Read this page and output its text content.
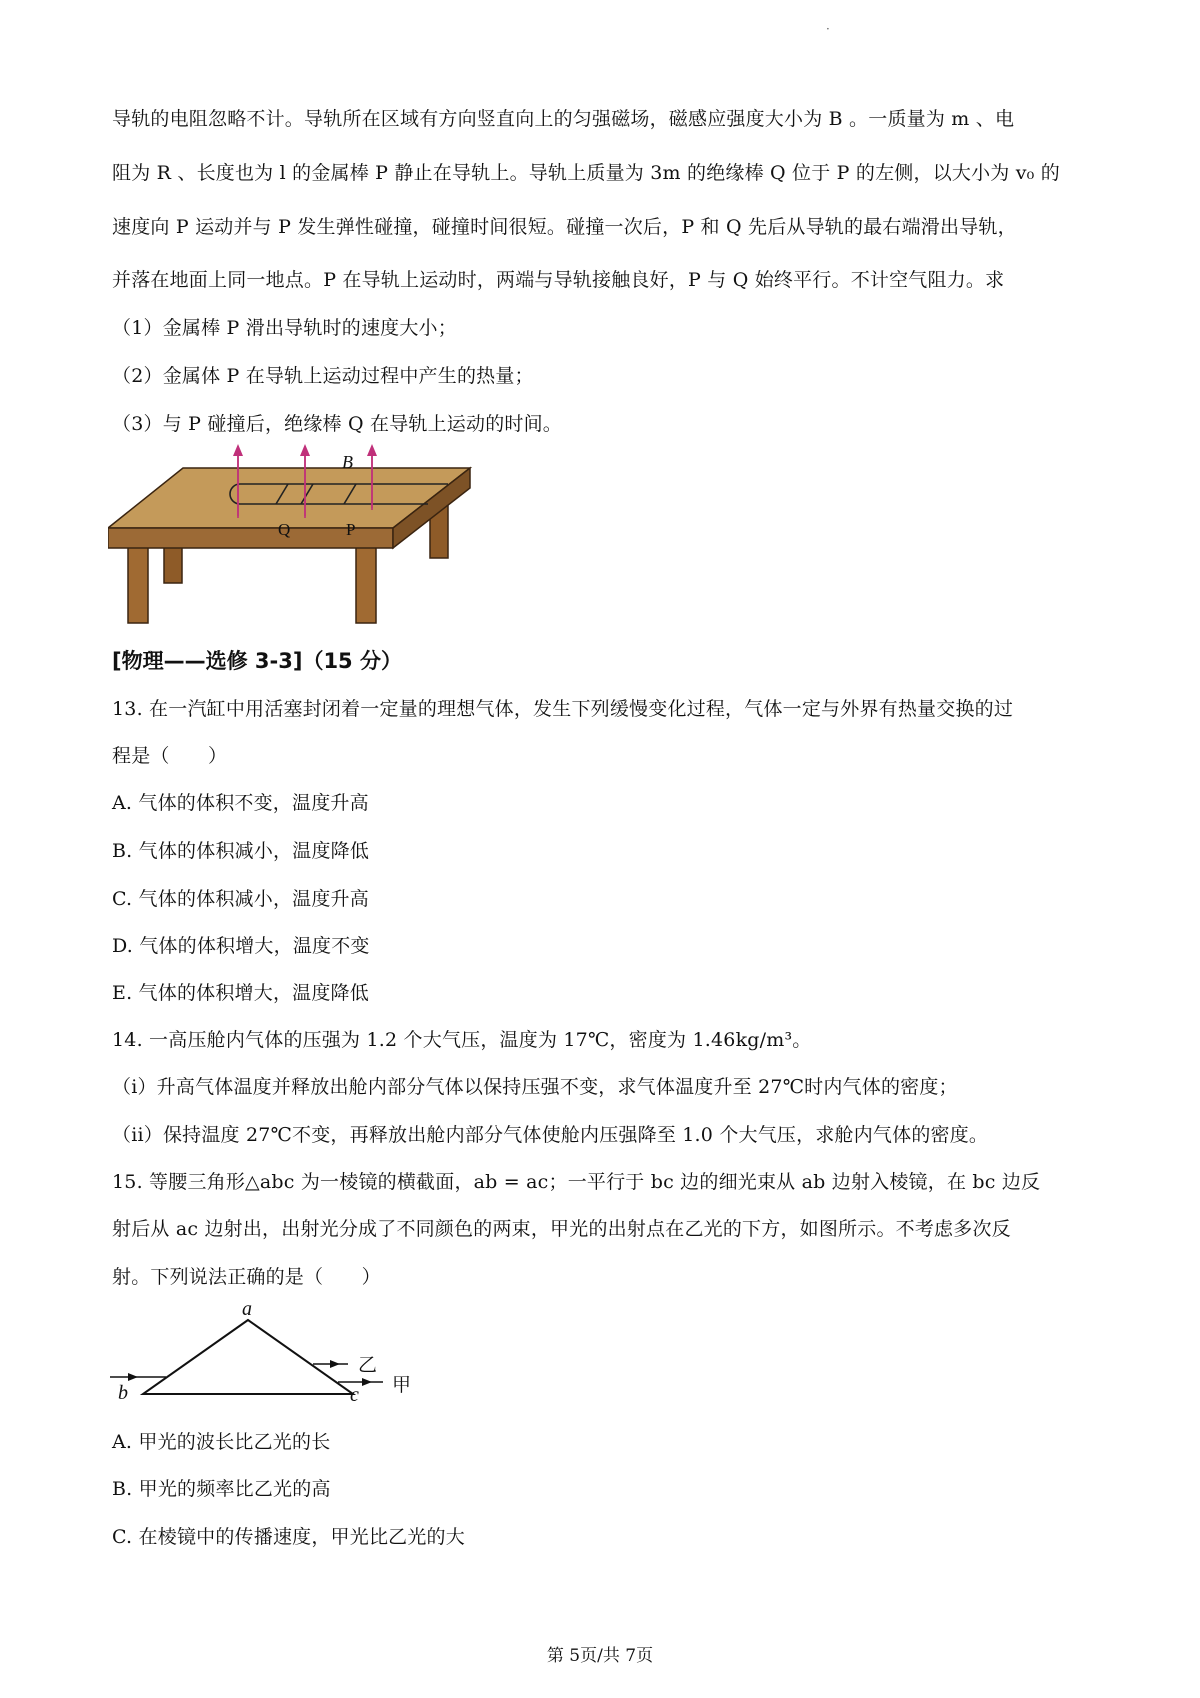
·
导轨的电阻忽略不计。导轨所在区域有方向竖直向上的匀强磁场，磁感应强度大小为 B 。一质量为 m 、电
阻为 R 、长度也为 l 的金属棒 P 静止在导轨上。导轨上质量为 3m 的绝缘棒 Q 位于 P 的左侧，以大小为 v₀ 的
速度向 P 运动并与 P 发生弹性碰撞，碰撞时间很短。碰撞一次后，P 和 Q 先后从导轨的最右端滑出导轨，
并落在地面上同一地点。P 在导轨上运动时，两端与导轨接触良好，P 与 Q 始终平行。不计空气阻力。求
（1）金属棒 P 滑出导轨时的速度大小；
（2）金属体 P 在导轨上运动过程中产生的热量；
（3）与 P 碰撞后，绝缘棒 Q 在导轨上运动的时间。
B
Q	P
[物理——选修 3-3]（15 分）
13. 在一汽缸中用活塞封闭着一定量的理想气体，发生下列缓慢变化过程，气体一定与外界有热量交换的过
程是（　　）
A. 气体的体积不变，温度升高
B. 气体的体积减小，温度降低
C. 气体的体积减小，温度升高
D. 气体的体积增大，温度不变
E. 气体的体积增大，温度降低
14. 一高压舱内气体的压强为 1.2 个大气压，温度为 17℃，密度为 1.46kg/m³。
（i）升高气体温度并释放出舱内部分气体以保持压强不变，求气体温度升至 27℃时内气体的密度；
（ii）保持温度 27℃不变，再释放出舱内部分气体使舱内压强降至 1.0 个大气压，求舱内气体的密度。
15. 等腰三角形△abc 为一棱镜的横截面，ab = ac；一平行于 bc 边的细光束从 ab 边射入棱镜，在 bc 边反
射后从 ac 边射出，出射光分成了不同颜色的两束，甲光的出射点在乙光的下方，如图所示。不考虑多次反
射。下列说法正确的是（　　）
a
b	c
乙
甲
A. 甲光的波长比乙光的长
B. 甲光的频率比乙光的高
C. 在棱镜中的传播速度，甲光比乙光的大
第 5页/共 7页
